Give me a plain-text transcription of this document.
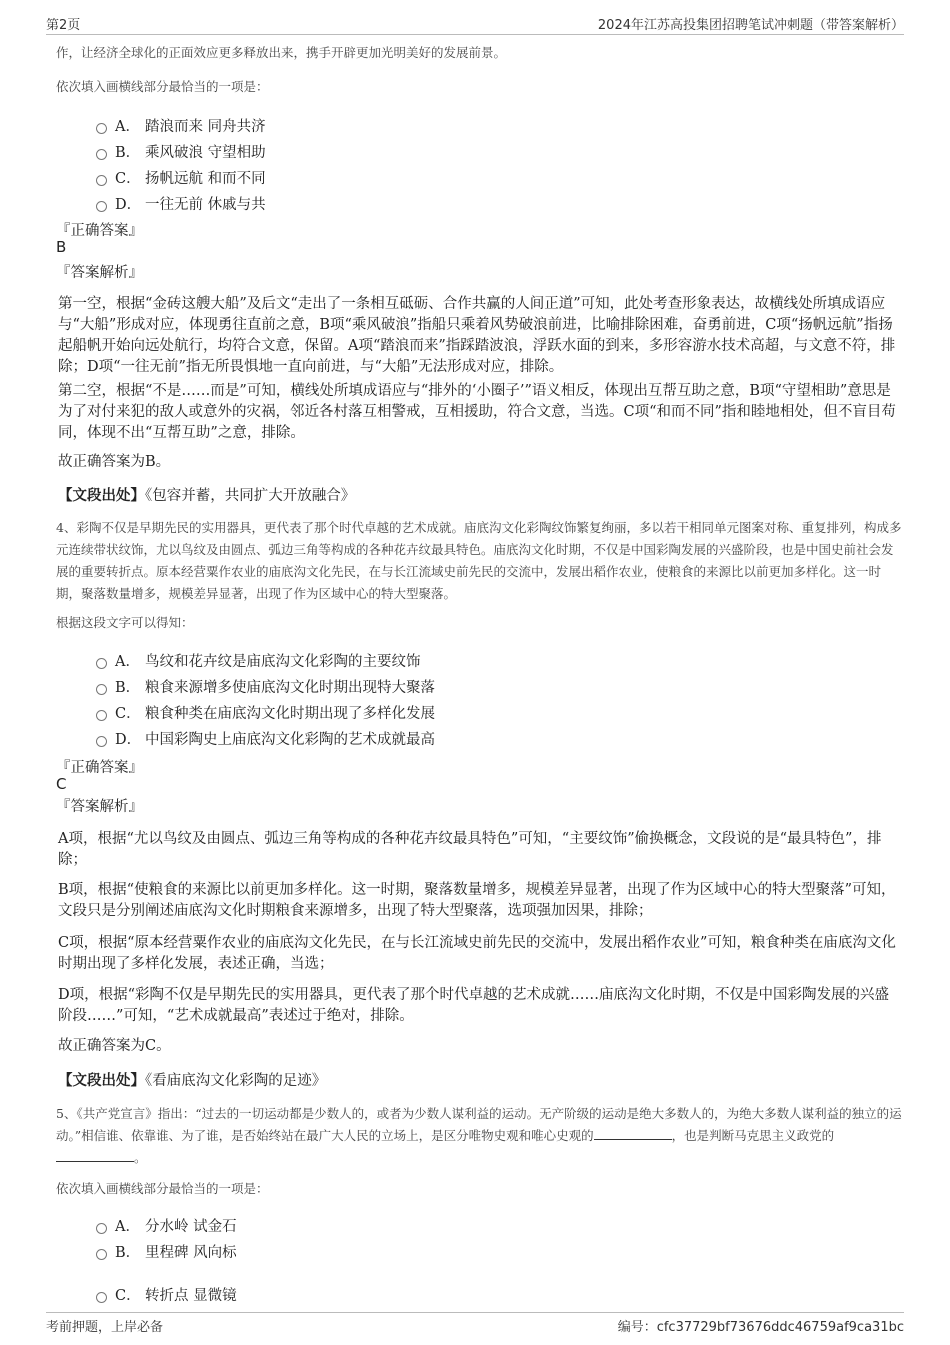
第2页	2024年江苏高投集团招聘笔试冲刺题（带答案解析）
作，让经济全球化的正面效应更多释放出来，携手开辟更加光明美好的发展前景。
依次填入画横线部分最恰当的一项是：
A． 踏浪而来 同舟共济
B． 乘风破浪 守望相助
C． 扬帆远航 和而不同
D． 一往无前 休戚与共
『正确答案』
B
『答案解析』
第一空，根据“金砖这艘大船”及后文“走出了一条相互砥砺、合作共赢的人间正道”可知，此处考查形象表达，故横线处所填成语应与“大船”形成对应，体现勇往直前之意，B项“乘风破浪”指船只乘着风势破浪前进，比喻排除困难，奋勇前进，C项“扬帆远航”指扬起船帆开始向远处航行，均符合文意，保留。A项“踏浪而来”指踩踏波浪，浮跃水面的到来，多形容游水技术高超，与文意不符，排除；D项“一往无前”指无所畏惧地一直向前进，与“大船”无法形成对应，排除。
第二空，根据“不是……而是”可知，横线处所填成语应与“排外的‘小圈子’”语义相反，体现出互帮互助之意，B项“守望相助”意思是为了对付来犯的敌人或意外的灾祸，邻近各村落互相警戒，互相援助，符合文意，当选。C项“和而不同”指和睦地相处，但不盲目苟同，体现不出“互帮互助”之意，排除。
故正确答案为B。
【文段出处】《包容并蓄，共同扩大开放融合》
4、彩陶不仅是早期先民的实用器具，更代表了那个时代卓越的艺术成就。庙底沟文化彩陶纹饰繁复绚丽，多以若干相同单元图案对称、重复排列，构成多元连续带状纹饰，尤以鸟纹及由圆点、弧边三角等构成的各种花卉纹最具特色。庙底沟文化时期，不仅是中国彩陶发展的兴盛阶段，也是中国史前社会发展的重要转折点。原本经营粟作农业的庙底沟文化先民，在与长江流域史前先民的交流中，发展出稻作农业，使粮食的来源比以前更加多样化。这一时期，聚落数量增多，规模差异显著，出现了作为区域中心的特大型聚落。
根据这段文字可以得知：
A． 鸟纹和花卉纹是庙底沟文化彩陶的主要纹饰
B． 粮食来源增多使庙底沟文化时期出现特大聚落
C． 粮食种类在庙底沟文化时期出现了多样化发展
D． 中国彩陶史上庙底沟文化彩陶的艺术成就最高
『正确答案』
C
『答案解析』
A项，根据“尤以鸟纹及由圆点、弧边三角等构成的各种花卉纹最具特色”可知，“主要纹饰”偷换概念，文段说的是“最具特色”，排除；
B项，根据“使粮食的来源比以前更加多样化。这一时期，聚落数量增多，规模差异显著，出现了作为区域中心的特大型聚落”可知，文段只是分别阐述庙底沟文化时期粮食来源增多，出现了特大型聚落，选项强加因果，排除；
C项，根据“原本经营粟作农业的庙底沟文化先民，在与长江流域史前先民的交流中，发展出稻作农业”可知，粮食种类在庙底沟文化时期出现了多样化发展，表述正确，当选；
D项，根据“彩陶不仅是早期先民的实用器具，更代表了那个时代卓越的艺术成就……庙底沟文化时期，不仅是中国彩陶发展的兴盛阶段……”可知，“艺术成就最高”表述过于绝对，排除。
故正确答案为C。
【文段出处】《看庙底沟文化彩陶的足迹》
5、《共产党宣言》指出：“过去的一切运动都是少数人的，或者为少数人谋利益的运动。无产阶级的运动是绝大多数人的，为绝大多数人谋利益的独立的运动。”相信谁、依靠谁、为了谁，是否始终站在最广大人民的立场上，是区分唯物史观和唯心史观的	，也是判断马克思主义政党的。
依次填入画横线部分最恰当的一项是：
A． 分水岭 试金石
B． 里程碑 风向标
C． 转折点 显微镜
考前押题，上岸必备	编号：cfc37729bf73676ddc46759af9ca31bc
